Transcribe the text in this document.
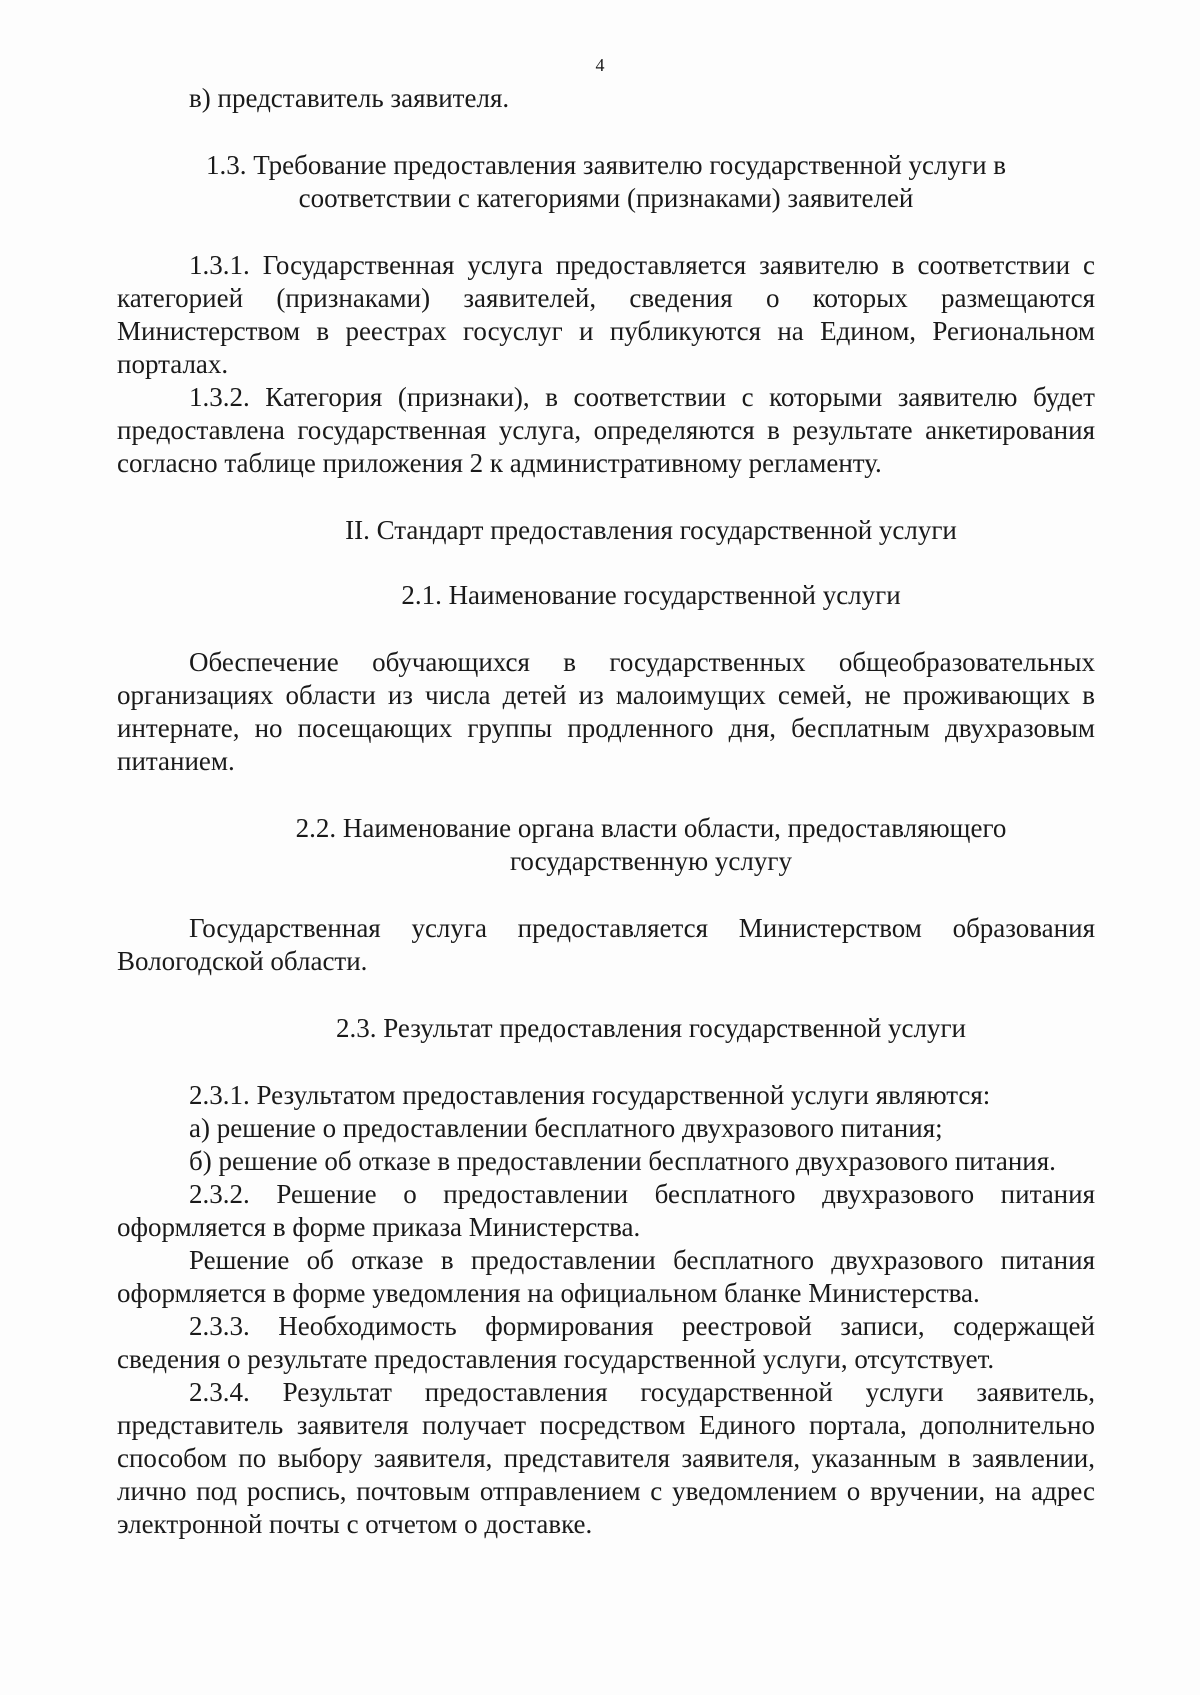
4

в) представитель заявителя.

1.3. Требование предоставления заявителю государственной услуги в
соответствии с категориями (признаками) заявителей

1.3.1. Государственная услуга предоставляется заявителю в соответствии с категорией (признаками) заявителей, сведения о которых размещаются Министерством в реестрах госуслуг и публикуются на Едином, Региональном порталах.

1.3.2. Категория (признаки), в соответствии с которыми заявителю будет предоставлена государственная услуга, определяются в результате анкетирования согласно таблице приложения 2 к административному регламенту.

II. Стандарт предоставления государственной услуги
2.1. Наименование государственной услуги

Обеспечение обучающихся в государственных общеобразовательных организациях области из числа детей из малоимущих семей, не проживающих в интернате, но посещающих группы продленного дня, бесплатным двухразовым питанием.

2.2. Наименование органа власти области, предоставляющего
государственную услугу

Государственная услуга предоставляется Министерством образования Вологодской области.

2.3. Результат предоставления государственной услуги

2.3.1. Результатом предоставления государственной услуги являются:

а) решение о предоставлении бесплатного двухразового питания;

б) решение об отказе в предоставлении бесплатного двухразового питания.

2.3.2. Решение о предоставлении бесплатного двухразового питания оформляется в форме приказа Министерства.

Решение об отказе в предоставлении бесплатного двухразового питания оформляется в форме уведомления на официальном бланке Министерства.

2.3.3. Необходимость формирования реестровой записи, содержащей сведения о результате предоставления государственной услуги, отсутствует.

2.3.4. Результат предоставления государственной услуги заявитель, представитель заявителя получает посредством Единого портала, дополнительно способом по выбору заявителя, представителя заявителя, указанным в заявлении, лично под роспись, почтовым отправлением с уведомлением о вручении, на адрес электронной почты с отчетом о доставке.
